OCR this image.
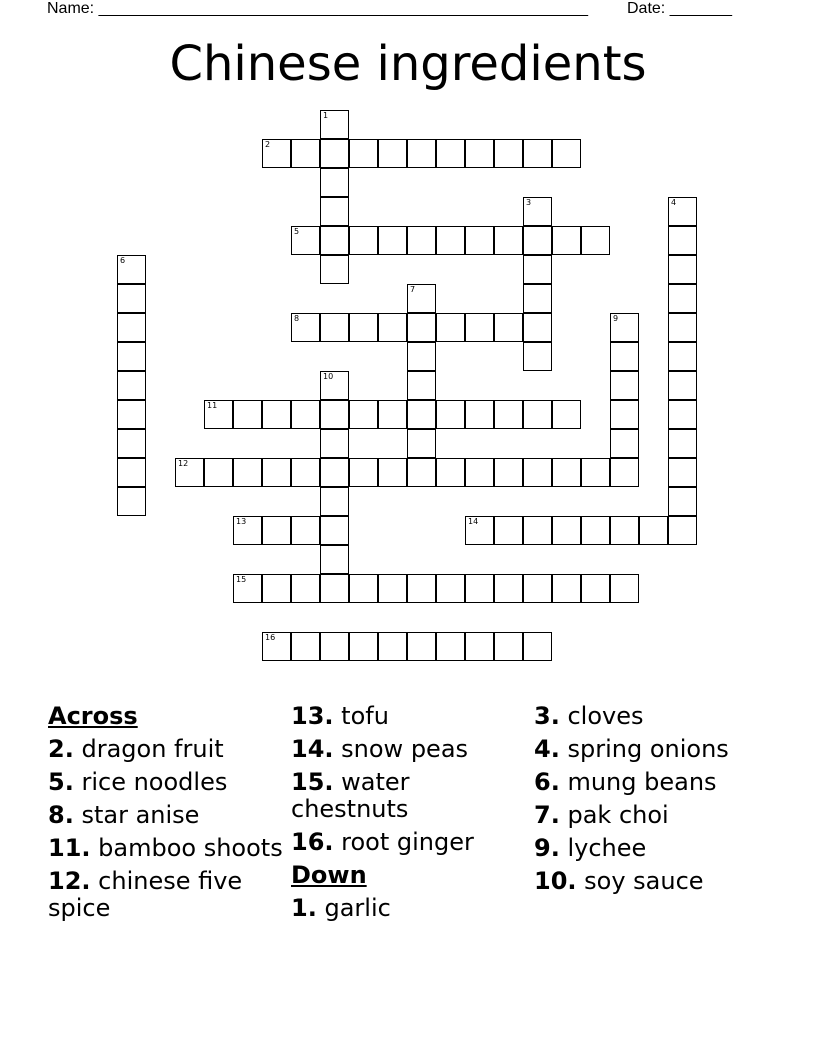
Name: _______________________________________________________ Date: _______
Chinese ingredients
1
2
3	4
5
6
7
8	9
10
11
12
13	14
15
16
Across
2. dragon fruit
5. rice noodles
8. star anise
11. bamboo shoots
12. chinese five spice
13. tofu
14. snow peas
15. water chestnuts
16. root ginger
Down
1. garlic
3. cloves
4. spring onions
6. mung beans
7. pak choi
9. lychee
10. soy sauce
